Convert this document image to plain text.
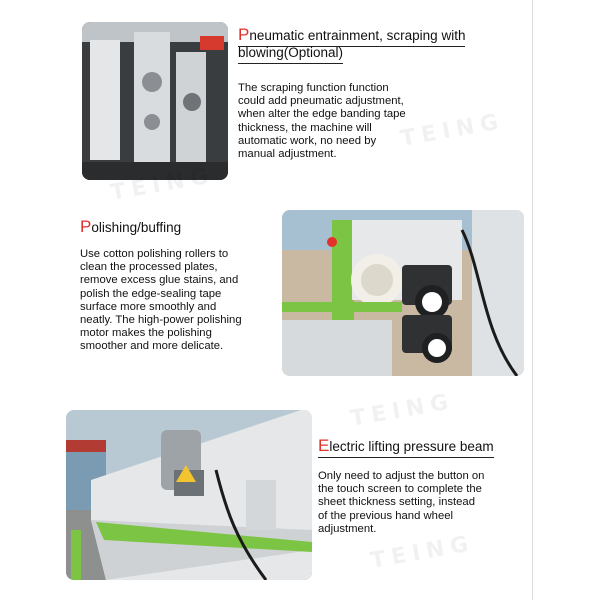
Pneumatic entrainment, scraping with
blowing(Optional)
The scraping function function
could add pneumatic adjustment,
when alter the edge banding tape
thickness, the machine will
automatic work, no need by
manual adjustment.
Polishing/buffing
Use cotton polishing rollers to
clean the processed plates,
remove excess glue stains, and
polish the edge-sealing tape
surface more smoothly and
neatly. The high-power polishing
motor makes the polishing
smoother and more delicate.
Electric lifting pressure beam
Only need to adjust the button on
the touch screen to complete the
sheet thickness setting, instead
of the previous hand wheel
adjustment.
TEING
TEING
TEING
TEING
